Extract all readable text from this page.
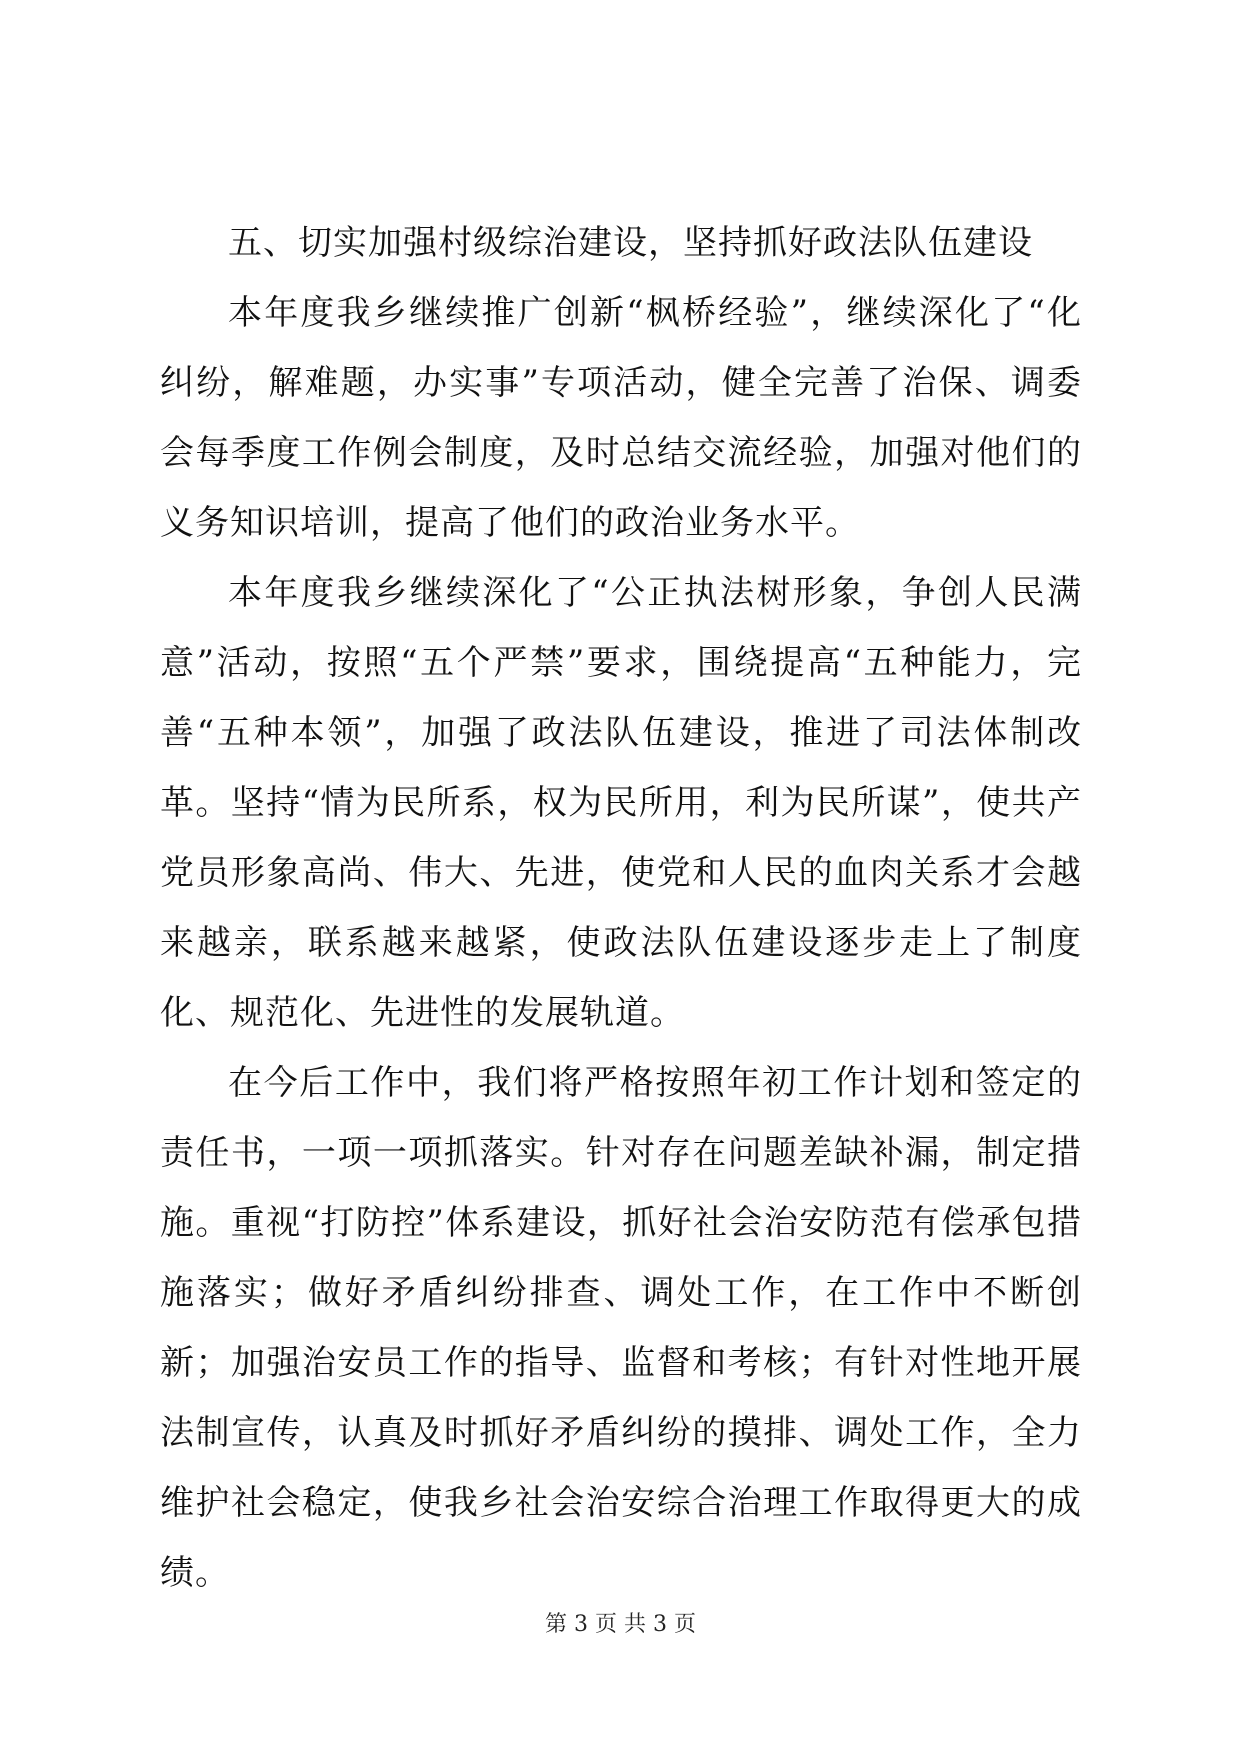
五、切实加强村级综治建设，坚持抓好政法队伍建设

本年度我乡继续推广创新“枫桥经验”，继续深化了“化纠纷，解难题，办实事”专项活动，健全完善了治保、调委会每季度工作例会制度，及时总结交流经验，加强对他们的义务知识培训，提高了他们的政治业务水平。

本年度我乡继续深化了“公正执法树形象，争创人民满意”活动，按照“五个严禁”要求，围绕提高“五种能力，完善“五种本领”，加强了政法队伍建设，推进了司法体制改革。坚持“情为民所系，权为民所用，利为民所谋”，使共产党员形象高尚、伟大、先进，使党和人民的血肉关系才会越来越亲，联系越来越紧，使政法队伍建设逐步走上了制度化、规范化、先进性的发展轨道。

在今后工作中，我们将严格按照年初工作计划和签定的责任书，一项一项抓落实。针对存在问题差缺补漏，制定措施。重视“打防控”体系建设，抓好社会治安防范有偿承包措施落实；做好矛盾纠纷排查、调处工作，在工作中不断创新；加强治安员工作的指导、监督和考核；有针对性地开展法制宣传，认真及时抓好矛盾纠纷的摸排、调处工作，全力维护社会稳定，使我乡社会治安综合治理工作取得更大的成绩。

第 3 页 共 3 页
